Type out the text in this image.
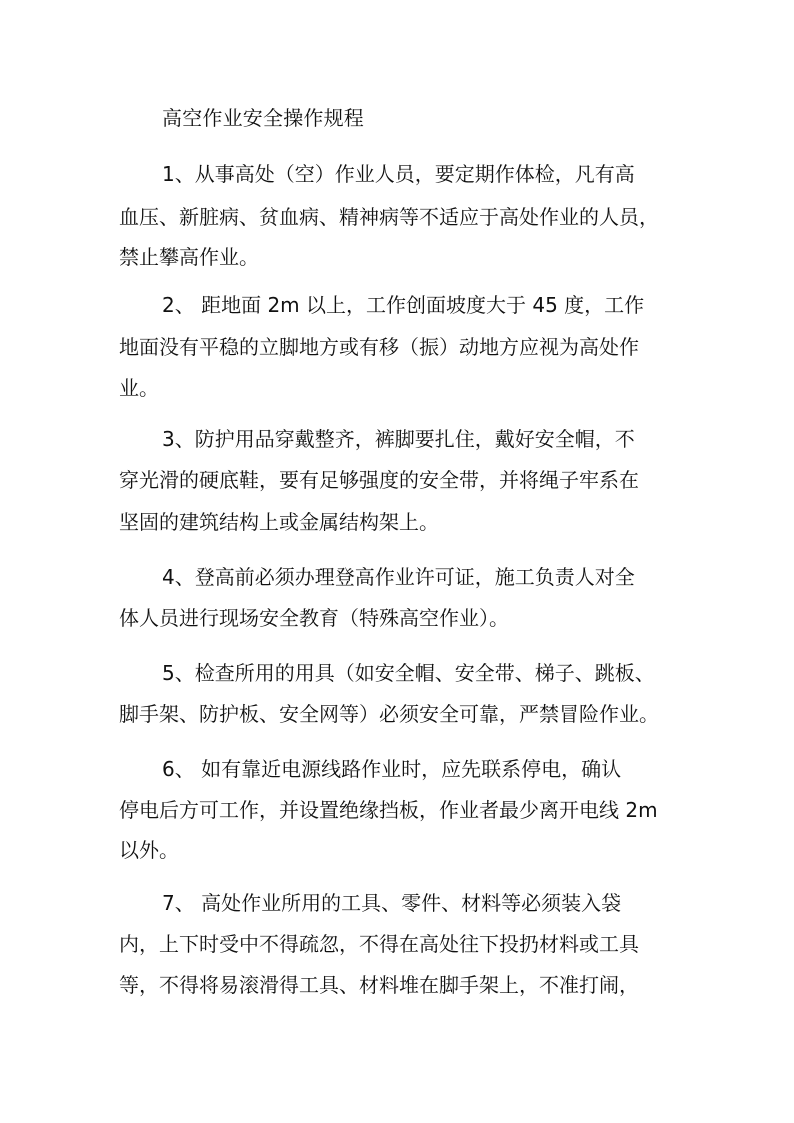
高空作业安全操作规程
1、从事高处（空）作业人员，要定期作体检，凡有高
血压、新脏病、贫血病、精神病等不适应于高处作业的人员，
禁止攀高作业。
2、 距地面 2m 以上，工作创面坡度大于 45 度，工作
地面没有平稳的立脚地方或有移（振）动地方应视为高处作
业。
3、防护用品穿戴整齐，裤脚要扎住，戴好安全帽，不
穿光滑的硬底鞋，要有足够强度的安全带，并将绳子牢系在
坚固的建筑结构上或金属结构架上。
4、登高前必须办理登高作业许可证，施工负责人对全
体人员进行现场安全教育（特殊高空作业）。
5、检查所用的用具（如安全帽、安全带、梯子、跳板、
脚手架、防护板、安全网等）必须安全可靠，严禁冒险作业。
6、 如有靠近电源线路作业时，应先联系停电，确认
停电后方可工作，并设置绝缘挡板，作业者最少离开电线 2m
以外。
7、 高处作业所用的工具、零件、材料等必须装入袋
内，上下时受中不得疏忽，不得在高处往下投扔材料或工具
等，不得将易滚滑得工具、材料堆在脚手架上，不准打闹，
